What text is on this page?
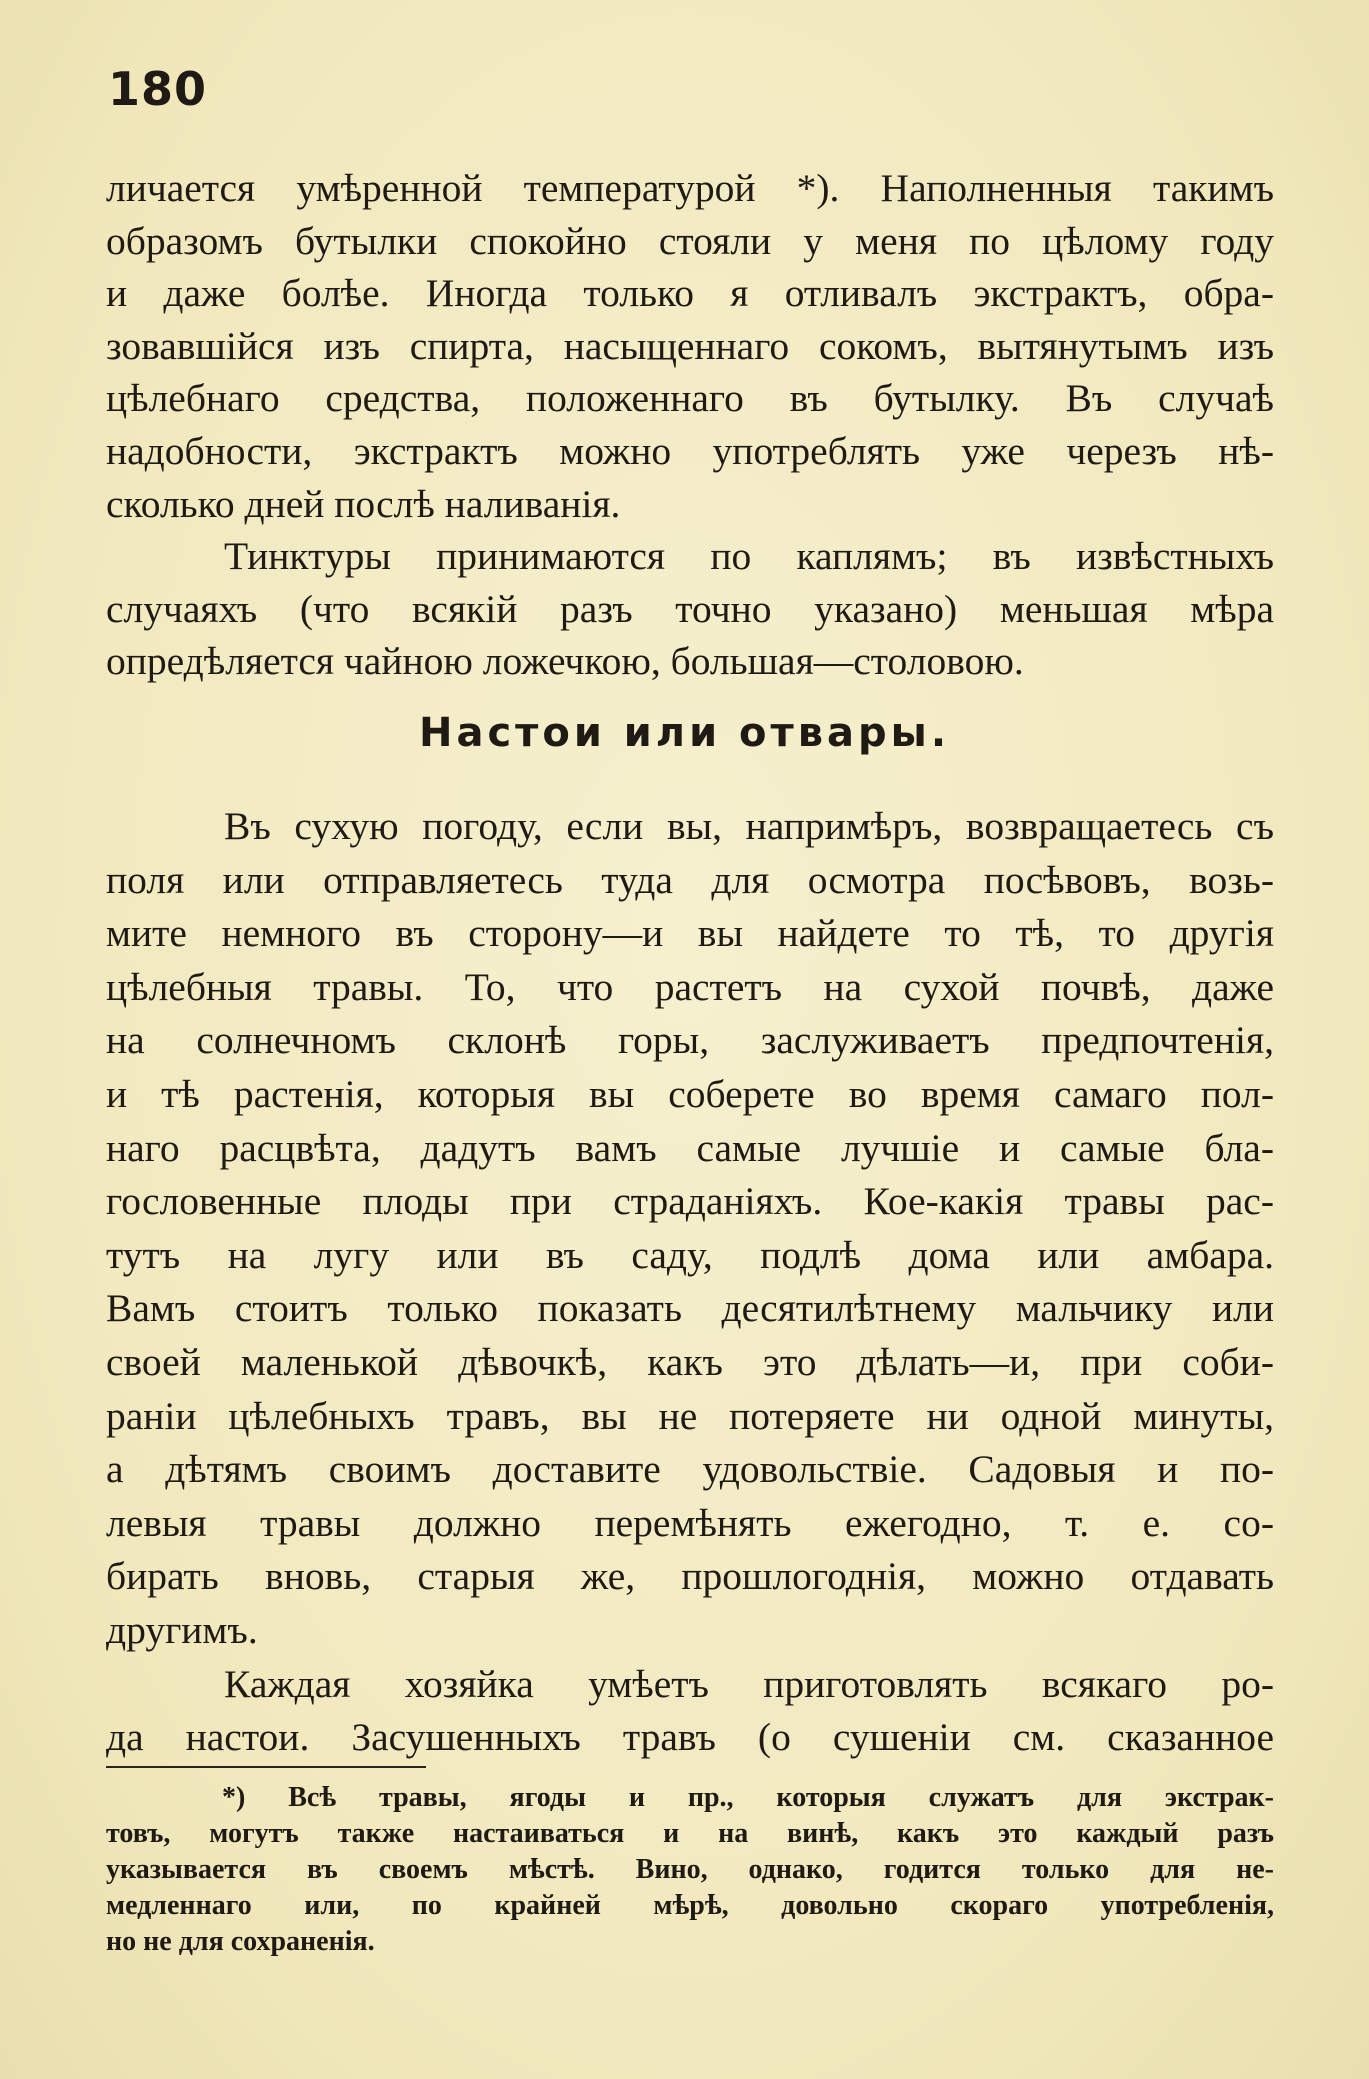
180
личается умѣренной температурой *). Наполненныя такимъ
образомъ бутылки спокойно стояли у меня по цѣлому году
и даже болѣе. Иногда только я отливалъ экстрактъ, обра-
зовавшійся изъ спирта, насыщеннаго сокомъ, вытянутымъ изъ
цѣлебнаго средства, положеннаго въ бутылку. Въ случаѣ
надобности, экстрактъ можно употреблять уже черезъ нѣ-
сколько дней послѣ наливанія.
Тинктуры принимаются по каплямъ; въ извѣстныхъ
случаяхъ (что всякій разъ точно указано) меньшая мѣра
опредѣляется чайною ложечкою, большая—столовою.
Настои или отвары.
Въ сухую погоду, если вы, напримѣръ, возвращаетесь съ
поля или отправляетесь туда для осмотра посѣвовъ, возь-
мите немного въ сторону—и вы найдете то тѣ, то другія
цѣлебныя травы. То, что растетъ на сухой почвѣ, даже
на солнечномъ склонѣ горы, заслуживаетъ предпочтенія,
и тѣ растенія, которыя вы соберете во время самаго пол-
наго расцвѣта, дадутъ вамъ самые лучшіе и самые бла-
гословенные плоды при страданіяхъ. Кое-какія травы рас-
тутъ на лугу или въ саду, подлѣ дома или амбара.
Вамъ стоитъ только показать десятилѣтнему мальчику или
своей маленькой дѣвочкѣ, какъ это дѣлать—и, при соби-
раніи цѣлебныхъ травъ, вы не потеряете ни одной минуты,
а дѣтямъ своимъ доставите удовольствіе. Садовыя и по-
левыя травы должно перемѣнять ежегодно, т. е. со-
бирать вновь, старыя же, прошлогоднія, можно отдавать
другимъ.
Каждая хозяйка умѣетъ приготовлять всякаго ро-
да настои. Засушенныхъ травъ (о сушеніи см. сказанное
*) Всѣ травы, ягоды и пр., которыя служатъ для экстрак-
товъ, могутъ также настаиваться и на винѣ, какъ это каждый разъ
указывается въ своемъ мѣстѣ. Вино, однако, годится только для не-
медленнаго или, по крайней мѣрѣ, довольно скораго употребленія,
но не для сохраненія.
